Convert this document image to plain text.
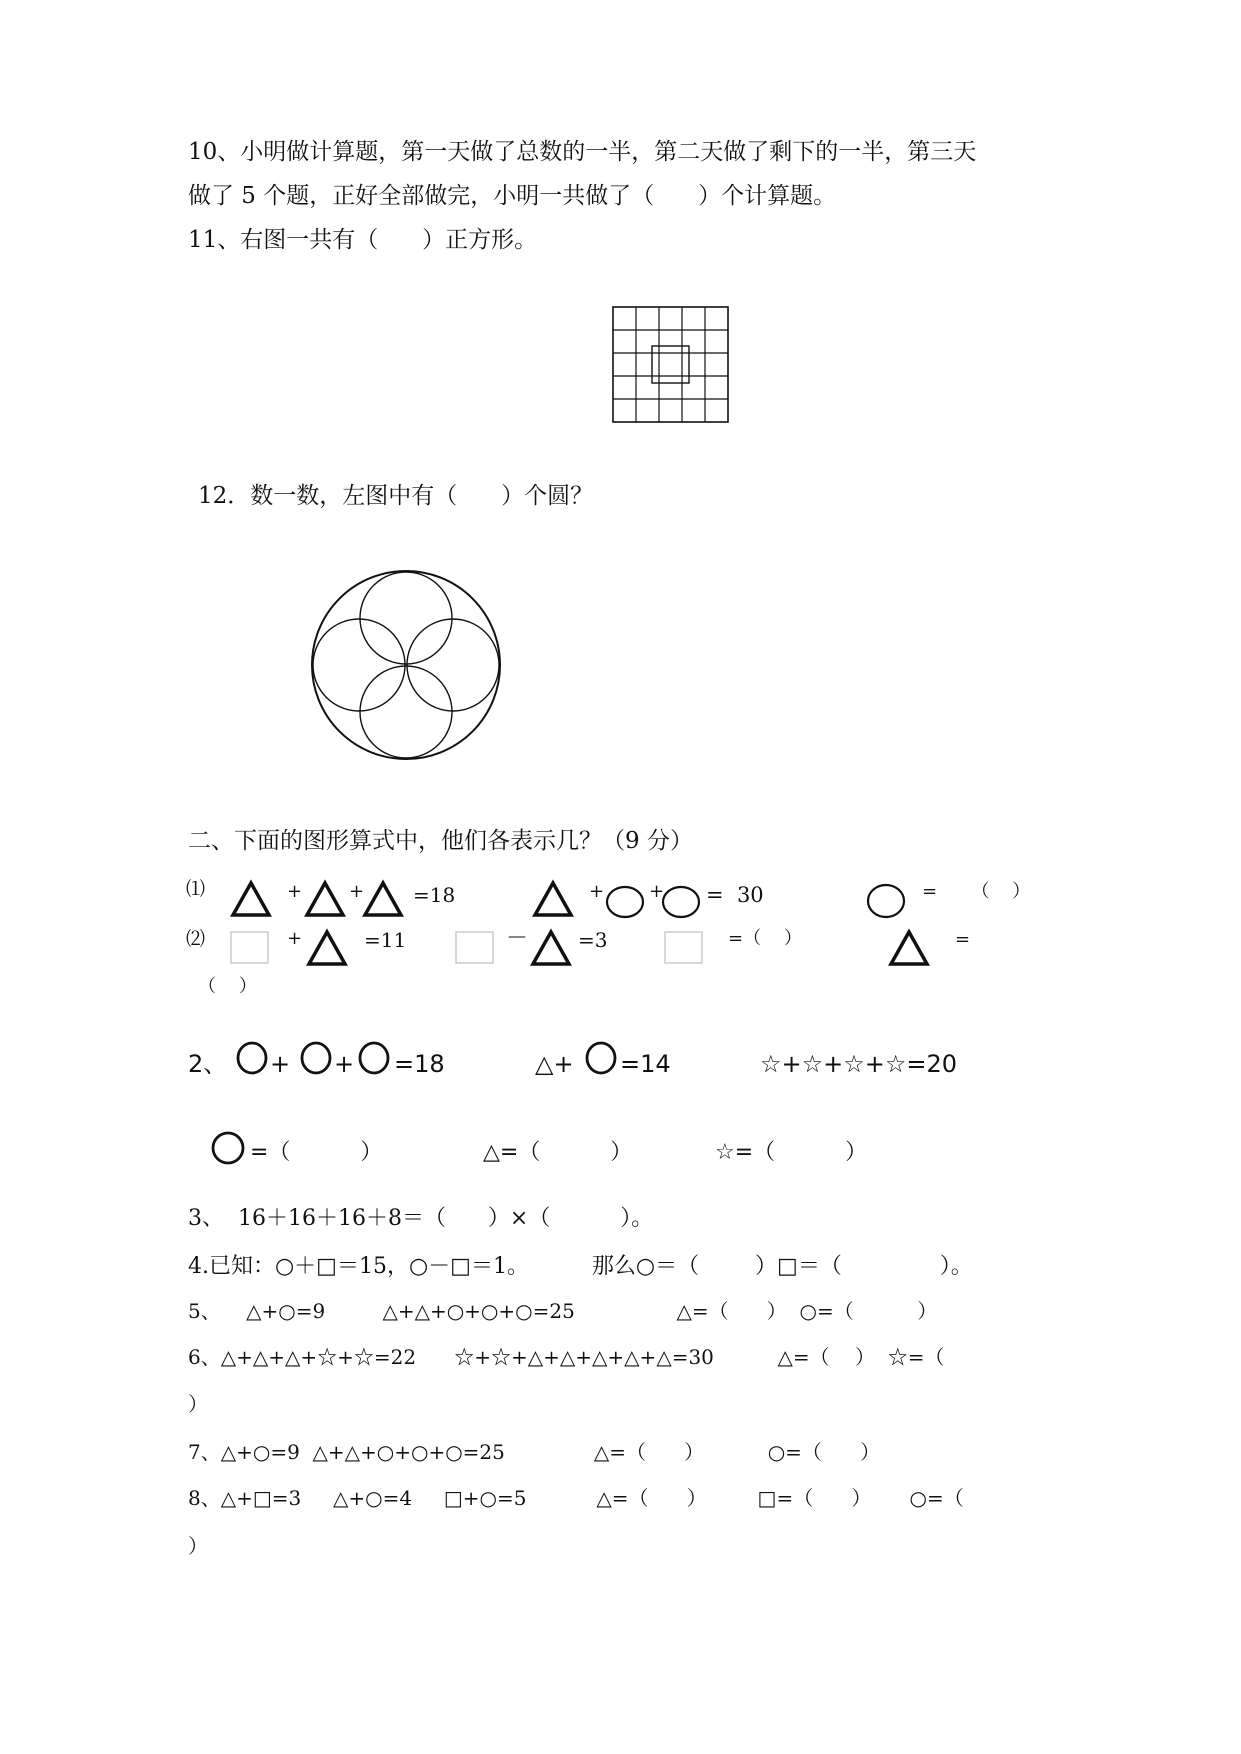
10、小明做计算题，第一天做了总数的一半，第二天做了剩下的一半，第三天
做了 5 个题，正好全部做完，小明一共做了（      ）个计算题。
11、右图一共有（      ）正方形。
12．数一数，左图中有（      ）个圆？
二、下面的图形算式中，他们各表示几？（9 分）
⑴	+	+ =18	+ + =  30	=      （    ）
⑵	+	=11	－ =3	=（    ）	=
（    ）
2、 + + =18	△+ =14	☆+☆+☆+☆=20
=（          ）	△=（          ）	☆=（          ）
3、  16＋16＋16＋8＝（      ）×（          ）。
4.已知：○＋□＝15，○－□＝1。         那么○＝（        ）□＝（              ）。
5、    △+○=9         △+△+○+○+○=25                △=（      ）  ○=（          ）
6、△+△+△+☆+☆=22      ☆+☆+△+△+△+△+△=30          △=（    ）  ☆=（
）
7、△+○=9  △+△+○+○+○=25              △=（      ）          ○=（      ）
8、△+□=3     △+○=4     □+○=5           △=（      ）        □=（      ）      ○=（
）
